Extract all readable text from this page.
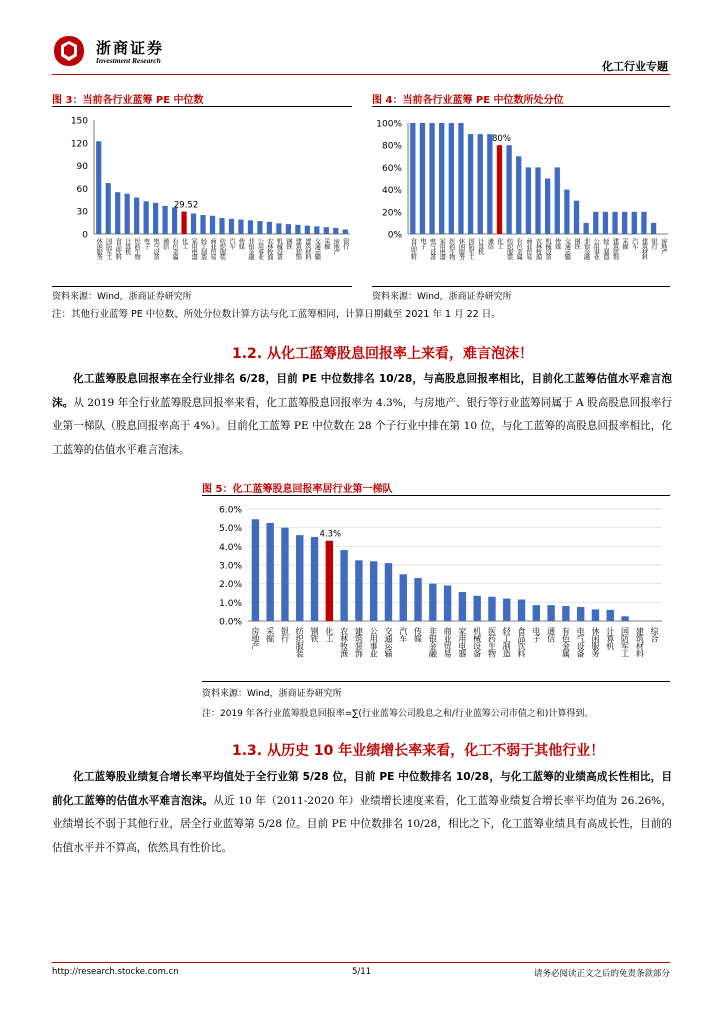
浙商证券
Investment Research	化工行业专题
图 3：当前各行业蓝筹 PE 中位数
0
30
60
90
120
150
休闲服务 国防军工 食品饮料 计算机 医药生物 电子 电气设备 通信 有色金属 化工 家用电器 轻工制造 商业贸易 纺织服装 汽车 传媒 非银金融 公用事业 农林牧渔 机械设备 钢铁 建筑装饰 建筑材料 交通运输 采掘 房地产 银行
29.52
资料来源：Wind，浙商证券研究所
图 4：当前各行业蓝筹 PE 中位数所处分位
0%
20%
40%
60%
80%
100%
食品饮料 电子 电气设备 家用电器 医药生物 休闲服务 国防军工 计算机 通信 化工 纺织服装 有色金属 商业贸易 农林牧渔 机械设备 传媒 交通运输 钢铁 非银金融 公用事业 轻工制造 建筑装饰 采掘 汽车 建筑材料 银行 房地产
80%
资料来源：Wind，浙商证券研究所
注：其他行业蓝筹 PE 中位数、所处分位数计算方法与化工蓝筹相同，计算日期截至 2021 年 1 月 22 日。
1.2. 从化工蓝筹股息回报率上来看，难言泡沫！
化工蓝筹股息回报率在全行业排名 6/28，目前 PE 中位数排名 10/28，与高股息回报率相比，目前化工蓝筹估值水平难言泡沫。从 2019 年全行业蓝筹股息回报率来看，化工蓝筹股息回报率为 4.3%，与房地产、银行等行业蓝筹同属于 A 股高股息回报率行业第一梯队（股息回报率高于 4%）。目前化工蓝筹 PE 中位数在 28 个子行业中排在第 10 位，与化工蓝筹的高股息回报率相比，化工蓝筹的估值水平难言泡沫。
图 5：化工蓝筹股息回报率居行业第一梯队
0.0%
1.0%
2.0%
3.0%
4.0%
5.0%
6.0%
房地产 采掘 银行 纺织服装 钢铁 化工 农林牧渔 建筑装饰 公用事业 交通运输 汽车 传媒 非银金融 商业贸易 家用电器 机械设备 医药生物 轻工制造 食品饮料 电子 通信 有色金属 电气设备 休闲服务 计算机 国防军工 建筑材料 综合
4.3%
资料来源：Wind，浙商证券研究所
注：2019 年各行业蓝筹股息回报率=∑(行业蓝筹公司股息之和/行业蓝筹公司市值之和)计算得到。
1.3. 从历史 10 年业绩增长率来看，化工不弱于其他行业！
化工蓝筹股业绩复合增长率平均值处于全行业第 5/28 位，目前 PE 中位数排名 10/28，与化工蓝筹的业绩高成长性相比，目前化工蓝筹的估值水平难言泡沫。从近 10 年（2011-2020 年）业绩增长速度来看，化工蓝筹业绩复合增长率平均值为 26.26%，业绩增长不弱于其他行业，居全行业蓝筹第 5/28 位。目前 PE 中位数排名 10/28，相比之下，化工蓝筹业绩具有高成长性，目前的估值水平并不算高，依然具有性价比。
http://research.stocke.com.cn	5/11	请务必阅读正文之后的免责条款部分
